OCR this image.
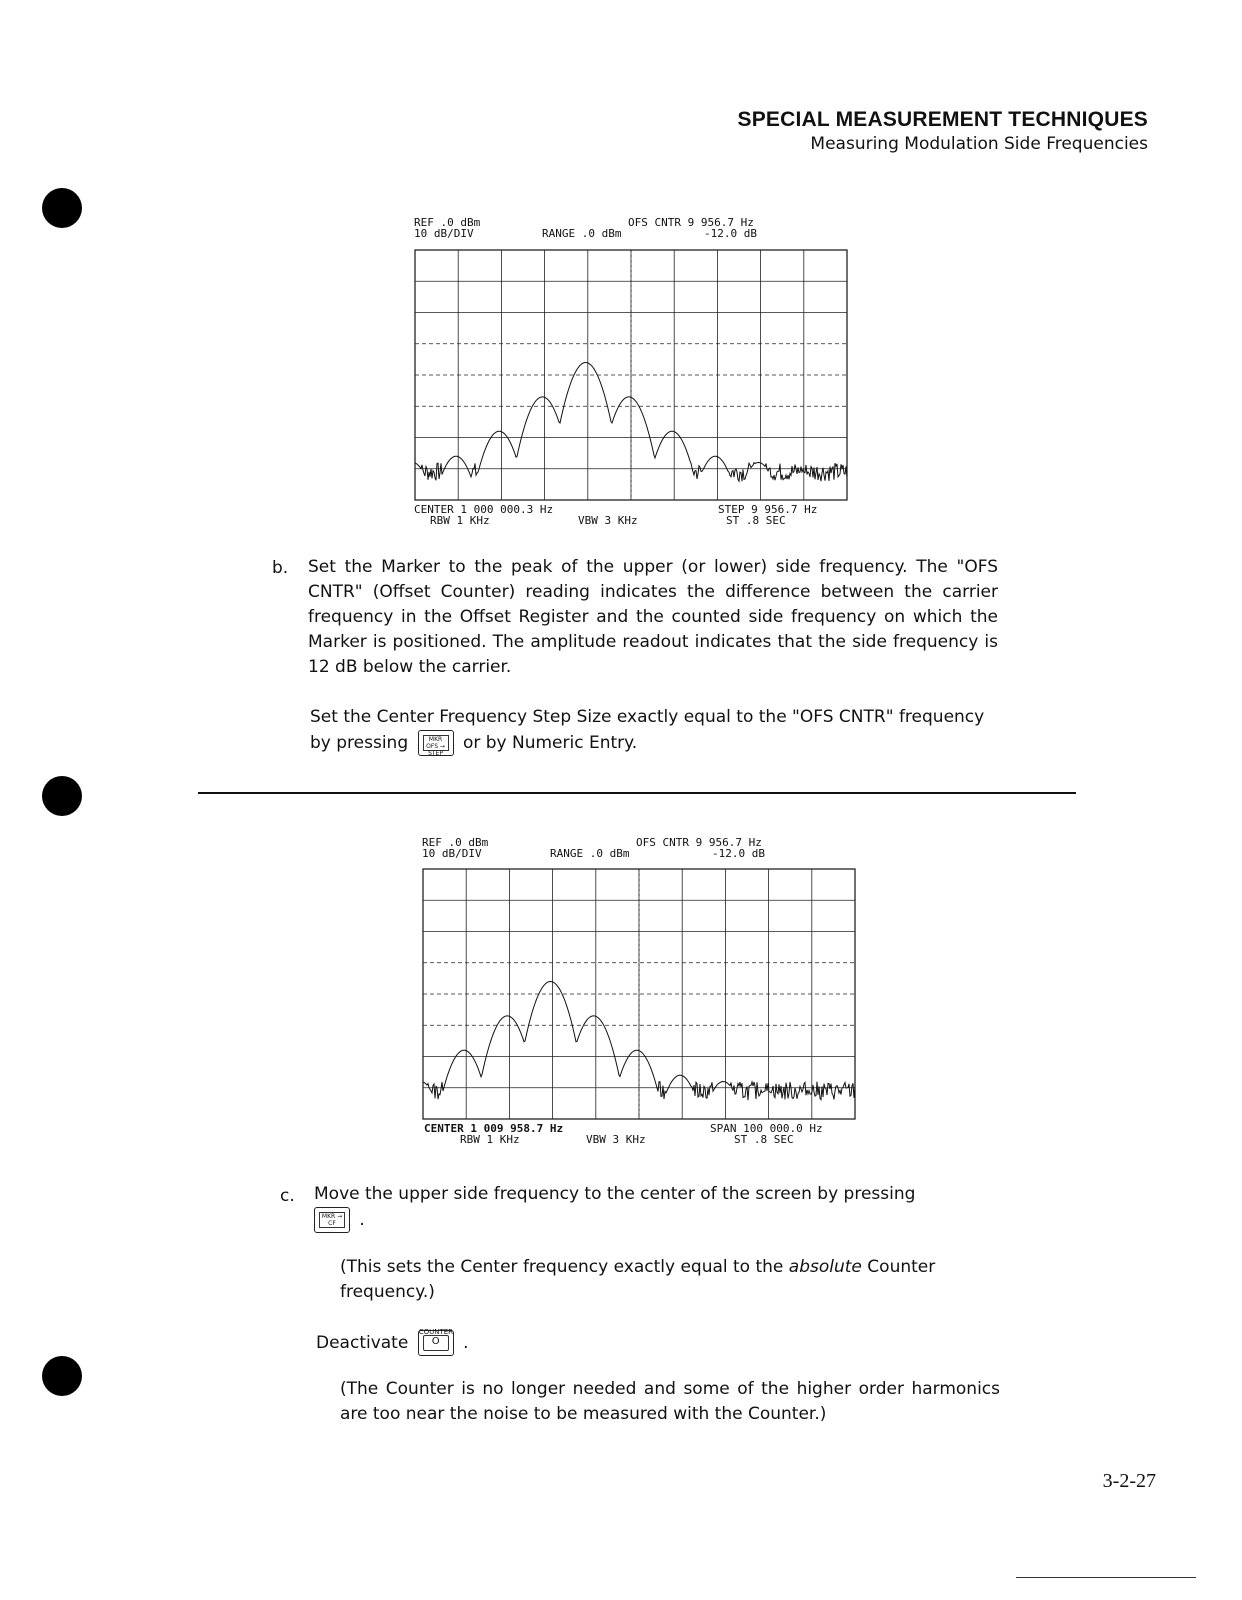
SPECIAL MEASUREMENT TECHNIQUES
Measuring Modulation Side Frequencies
REF .0 dBm
10 dB/DIV	RANGE .0 dBm
OFS CNTR 9 956.7 Hz
-12.0 dB
CENTER 1 000 000.3 Hz	STEP 9 956.7 Hz
RBW 1 KHz	VBW 3 KHz	ST .8 SEC
b. Set the Marker to the peak of the upper (or lower) side frequency. The "OFS CNTR" (Offset Counter) reading indicates the difference between the carrier frequency in the Offset Register and the counted side frequency on which the Marker is positioned. The amplitude readout indicates that the side frequency is 12 dB below the carrier.
Set the Center Frequency Step Size exactly equal to the "OFS CNTR" frequency by pressing	MKR OFS → STEP
or by Numeric Entry.
REF .0 dBm
10 dB/DIV	RANGE .0 dBm
OFS CNTR 9 956.7 Hz
-12.0 dB
CENTER 1 009 958.7 Hz	SPAN 100 000.0 Hz
RBW 1 KHz	VBW 3 KHz	ST .8 SEC
c. Move the upper side frequency to the center of the screen by pressing

MKR → CF	.
(This sets the Center frequency exactly equal to the absolute Counter frequency.)
Deactivate
COUNTER
O	.
(The Counter is no longer needed and some of the higher order harmonics are too near the noise to be measured with the Counter.)
3-2-27
